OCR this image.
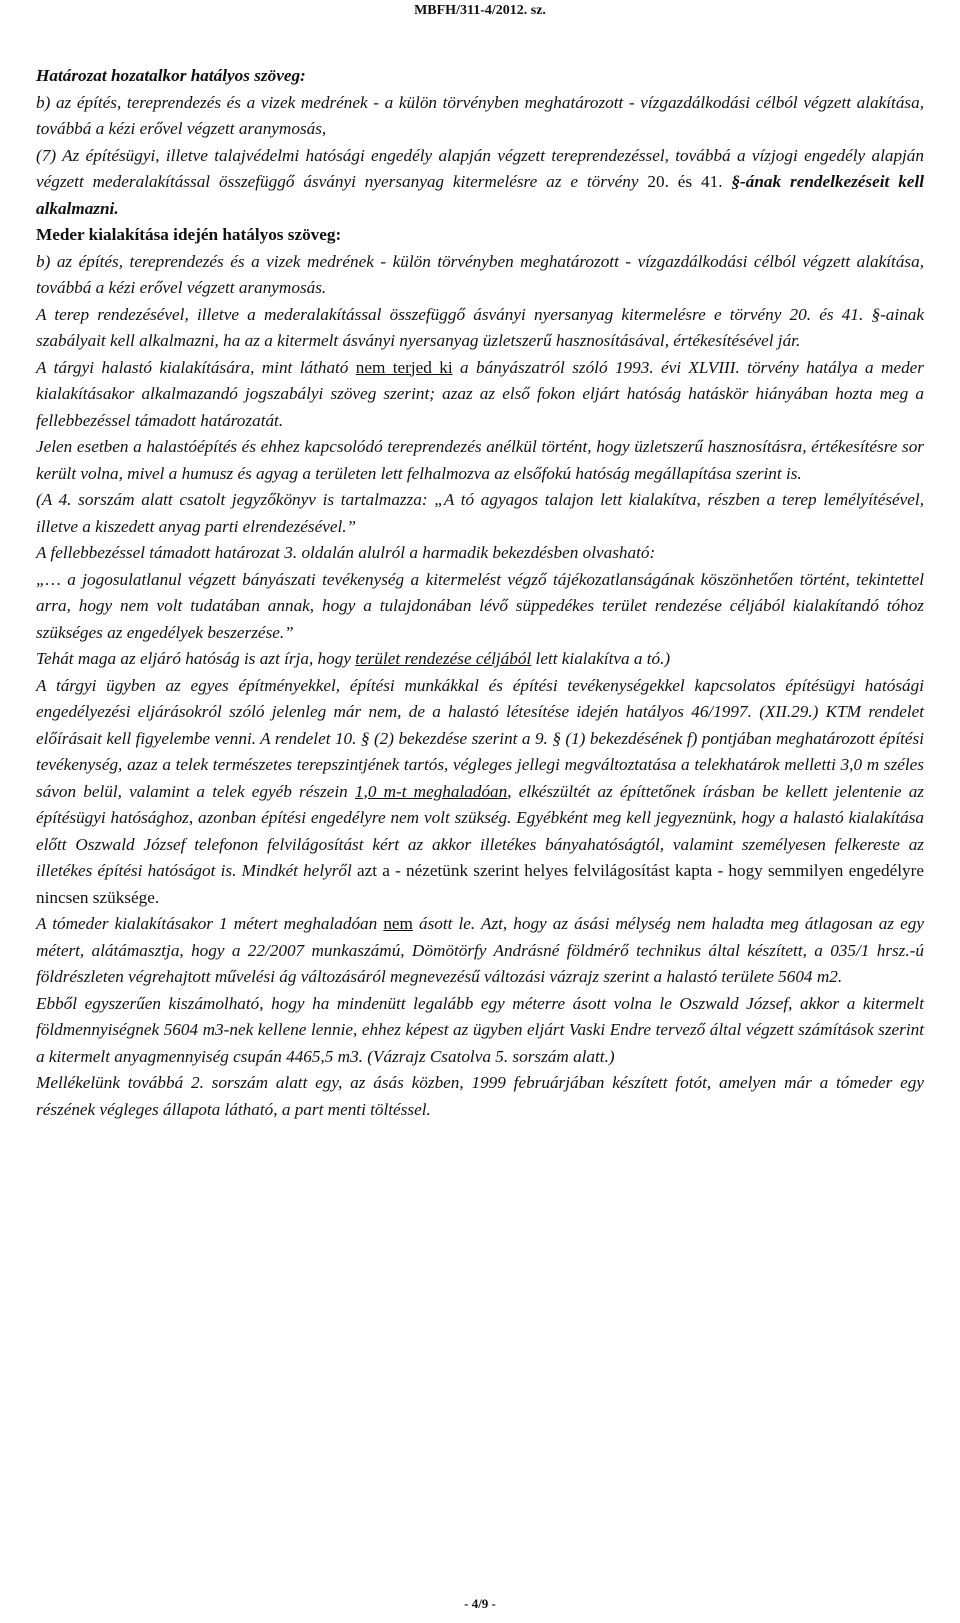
MBFH/311-4/2012. sz.

Határozat hozatalkor hatályos szöveg:

b) az építés, tereprendezés és a vizek medrének - a külön törvényben meghatározott - vízgazdálkodási célból végzett alakítása, továbbá a kézi erővel végzett aranymosás,

(7) Az építésügyi, illetve talajvédelmi hatósági engedély alapján végzett tereprendezéssel, továbbá a vízjogi engedély alapján végzett mederalakítással összefüggő ásványi nyersanyag kitermelésre az e törvény 20. és 41. §-ának rendelkezéseit kell alkalmazni.

Meder kialakítása idején hatályos szöveg:

b) az építés, tereprendezés és a vizek medrének - külön törvényben meghatározott - vízgazdálkodási célból végzett alakítása, továbbá a kézi erővel végzett aranymosás.

A terep rendezésével, illetve a mederalakítással összefüggő ásványi nyersanyag kitermelésre e törvény 20. és 41. §-ainak szabályait kell alkalmazni, ha az a kitermelt ásványi nyersanyag üzletszerű hasznosításával, értékesítésével jár.

A tárgyi halastó kialakítására, mint látható nem terjed ki a bányászatról szóló 1993. évi XLVIII. törvény hatálya a meder kialakításakor alkalmazandó jogszabályi szöveg szerint; azaz az első fokon eljárt hatóság hatáskör hiányában hozta meg a fellebbezéssel támadott határozatát.

Jelen esetben a halastóépítés és ehhez kapcsolódó tereprendezés anélkül történt, hogy üzletszerű hasznosításra, értékesítésre sor került volna, mivel a humusz és agyag a területen lett felhalmozva az elsőfokú hatóság megállapítása szerint is.

(A 4. sorszám alatt csatolt jegyzőkönyv is tartalmazza: „A tó agyagos talajon lett kialakítva, részben a terep lemélyítésével, illetve a kiszedett anyag parti elrendezésével.”

A fellebbezéssel támadott határozat 3. oldalán alulról a harmadik bekezdésben olvasható:

„… a jogosulatlanul végzett bányászati tevékenység a kitermelést végző tájékozatlanságának köszönhetően történt, tekintettel arra, hogy nem volt tudatában annak, hogy a tulajdonában lévő süppedékes terület rendezése céljából kialakítandó tóhoz szükséges az engedélyek beszerzése.”

Tehát maga az eljáró hatóság is azt írja, hogy terület rendezése céljából lett kialakítva a tó.)

A tárgyi ügyben az egyes építményekkel, építési munkákkal és építési tevékenységekkel kapcsolatos építésügyi hatósági engedélyezési eljárásokról szóló jelenleg már nem, de a halastó létesítése idején hatályos 46/1997. (XII.29.) KTM rendelet előírásait kell figyelembe venni. A rendelet 10. § (2) bekezdése szerint a 9. § (1) bekezdésének f) pontjában meghatározott építési tevékenység, azaz a telek természetes terepszintjének tartós, végleges jellegi megváltoztatása a telekhatárok melletti 3,0 m széles sávon belül, valamint a telek egyéb részein 1,0 m-t meghaladóan, elkészültét az építtetőnek írásban be kellett jelentenie az építésügyi hatósághoz, azonban építési engedélyre nem volt szükség. Egyébként meg kell jegyeznünk, hogy a halastó kialakítása előtt Oszwald József telefonon felvilágosítást kért az akkor illetékes bányahatóságtól, valamint személyesen felkereste az illetékes építési hatóságot is. Mindkét helyről azt a - nézetünk szerint helyes felvilágosítást kapta - hogy semmilyen engedélyre nincsen szüksége.

A tómeder kialakításakor 1 métert meghaladóan nem ásott le. Azt, hogy az ásási mélység nem haladta meg átlagosan az egy métert, alátámasztja, hogy a 22/2007 munkaszámú, Dömötörfy Andrásné földmérő technikus által készített, a 035/1 hrsz.-ú földrészleten végrehajtott művelési ág változásáról megnevezésű változási vázrajz szerint a halastó területe 5604 m2.

Ebből egyszerűen kiszámolható, hogy ha mindenütt legalább egy méterre ásott volna le Oszwald József, akkor a kitermelt földmennyiségnek 5604 m3-nek kellene lennie, ehhez képest az ügyben eljárt Vaski Endre tervező által végzett számítások szerint a kitermelt anyagmennyiség csupán 4465,5 m3. (Vázrajz Csatolva 5. sorszám alatt.)

Mellékelünk továbbá 2. sorszám alatt egy, az ásás közben, 1999 februárjában készített fotót, amelyen már a tómeder egy részének végleges állapota látható, a part menti töltéssel.

- 4/9 -
